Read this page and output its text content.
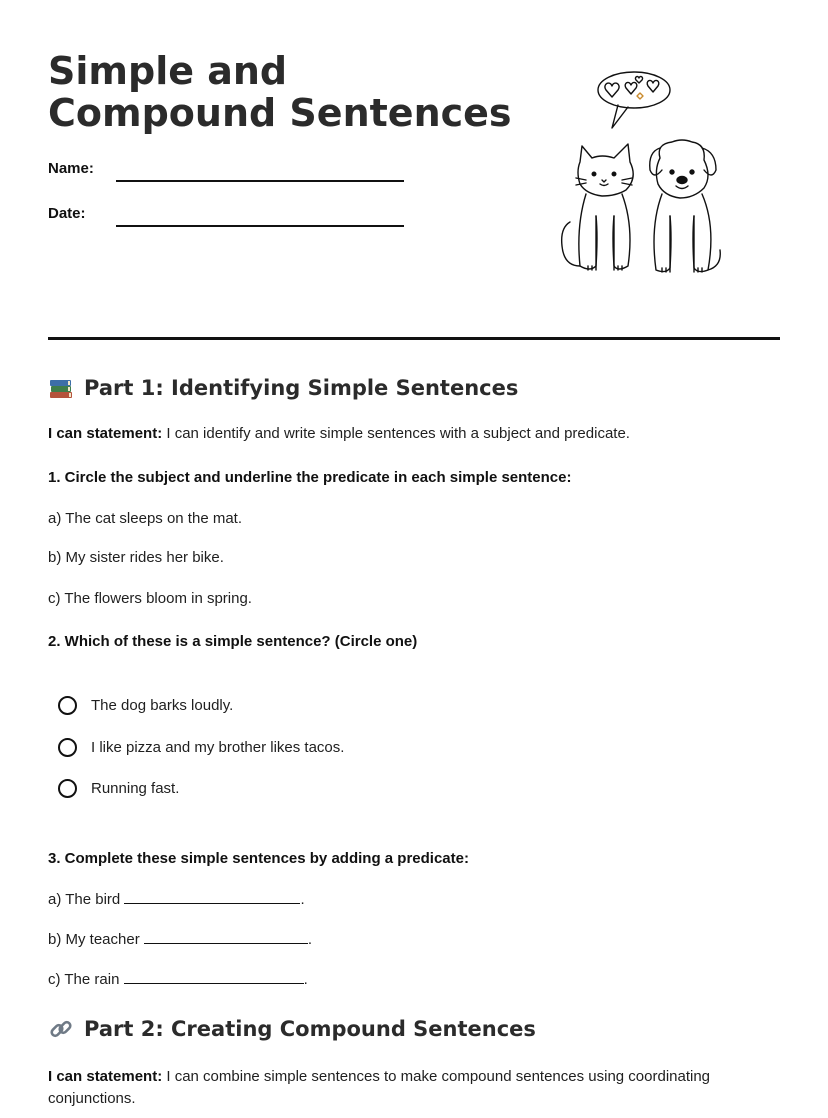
Simple and Compound Sentences
Name:
Date:
Part 1: Identifying Simple Sentences
I can statement: I can identify and write simple sentences with a subject and predicate.
1. Circle the subject and underline the predicate in each simple sentence:
a) The cat sleeps on the mat.
b) My sister rides her bike.
c) The flowers bloom in spring.
2. Which of these is a simple sentence? (Circle one)
The dog barks loudly.
I like pizza and my brother likes tacos.
Running fast.
3. Complete these simple sentences by adding a predicate:
a) The bird	.
b) My teacher	.
c) The rain	.
Part 2: Creating Compound Sentences
I can statement: I can combine simple sentences to make compound sentences using coordinating conjunctions.
